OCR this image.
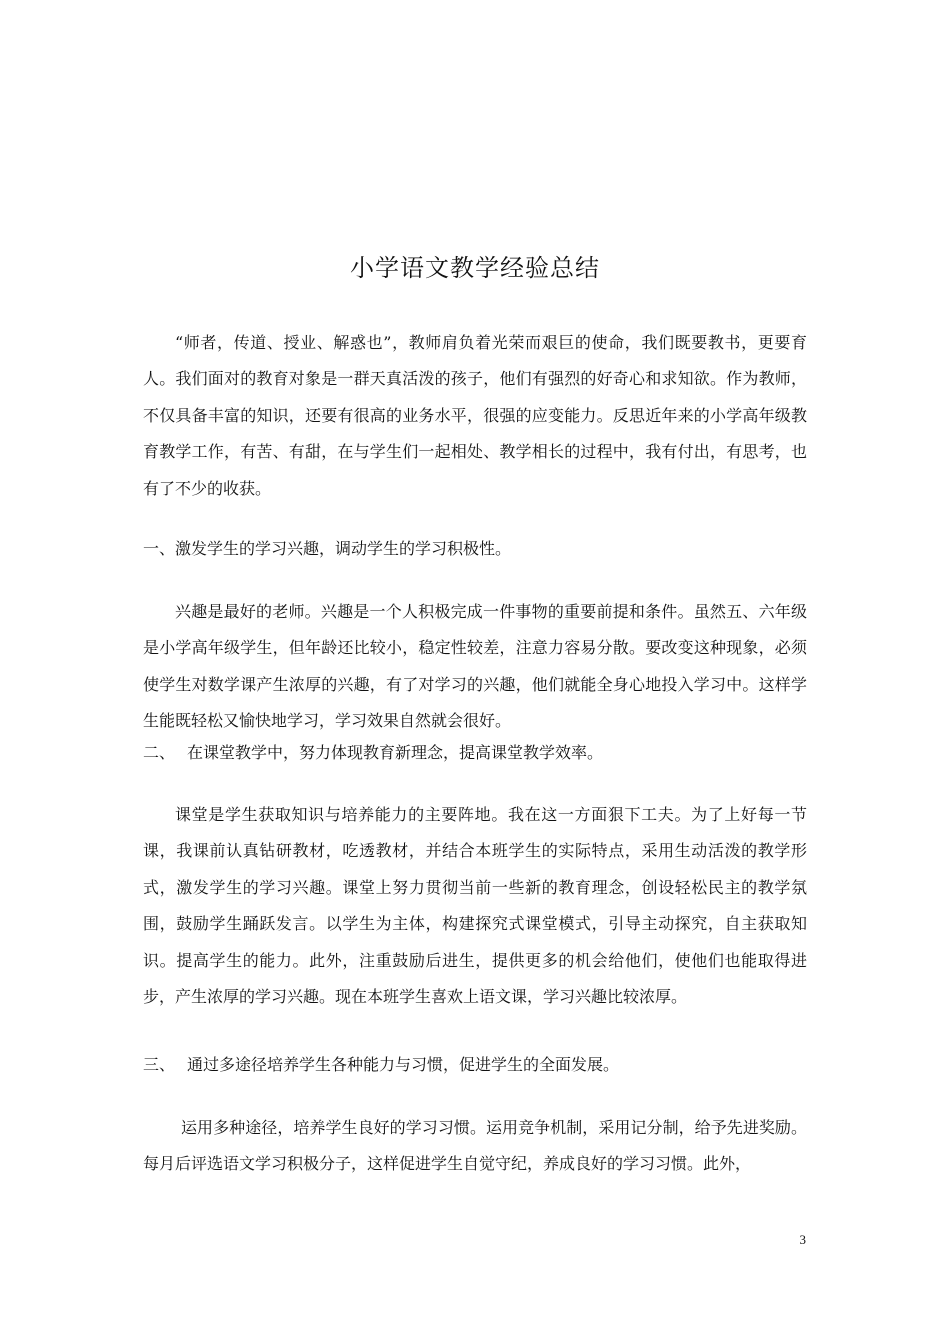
小学语文教学经验总结
“师者，传道、授业、解惑也”，教师肩负着光荣而艰巨的使命，我们既要教书，更要育人。我们面对的教育对象是一群天真活泼的孩子，他们有强烈的好奇心和求知欲。作为教师，不仅具备丰富的知识，还要有很高的业务水平，很强的应变能力。反思近年来的小学高年级教育教学工作，有苦、有甜，在与学生们一起相处、教学相长的过程中，我有付出，有思考，也有了不少的收获。
一、激发学生的学习兴趣，调动学生的学习积极性。
兴趣是最好的老师。兴趣是一个人积极完成一件事物的重要前提和条件。虽然五、六年级是小学高年级学生，但年龄还比较小，稳定性较差，注意力容易分散。要改变这种现象，必须使学生对数学课产生浓厚的兴趣，有了对学习的兴趣，他们就能全身心地投入学习中。这样学生能既轻松又愉快地学习，学习效果自然就会很好。
二、 在课堂教学中，努力体现教育新理念，提高课堂教学效率。
课堂是学生获取知识与培养能力的主要阵地。我在这一方面狠下工夫。为了上好每一节课，我课前认真钻研教材，吃透教材，并结合本班学生的实际特点，采用生动活泼的教学形式，激发学生的学习兴趣。课堂上努力贯彻当前一些新的教育理念，创设轻松民主的教学氛围，鼓励学生踊跃发言。以学生为主体，构建探究式课堂模式，引导主动探究，自主获取知识。提高学生的能力。此外，注重鼓励后进生，提供更多的机会给他们，使他们也能取得进步，产生浓厚的学习兴趣。现在本班学生喜欢上语文课，学习兴趣比较浓厚。
三、 通过多途径培养学生各种能力与习惯，促进学生的全面发展。
运用多种途径，培养学生良好的学习习惯。运用竞争机制，采用记分制，给予先进奖励。每月后评选语文学习积极分子，这样促进学生自觉守纪，养成良好的学习习惯。此外，
3
